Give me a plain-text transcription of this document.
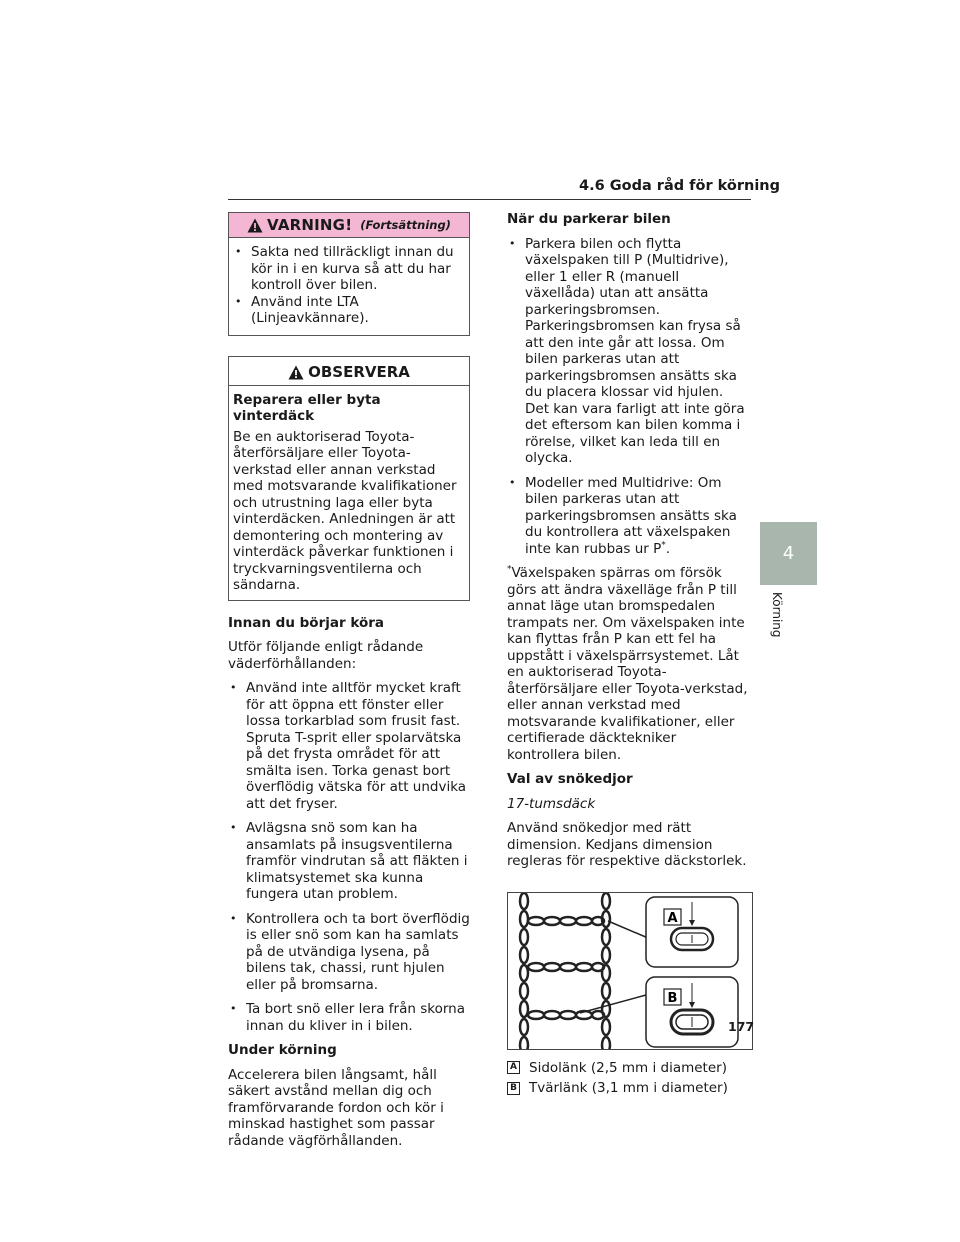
4.6 Goda råd för körning
VARNING! (Fortsättning)
• Sakta ned tillräckligt innan du kör in i en kurva så att du har kontroll över bilen.
• Använd inte LTA (Linjeavkännare).
OBSERVERA
Reparera eller byta vinterdäck

Be en auktoriserad Toyota-återförsäljare eller Toyota-verkstad eller annan verkstad med motsvarande kvalifikationer och utrustning laga eller byta vinterdäcken. Anledningen är att demontering och montering av vinterdäck påverkar funktionen i tryckvarningsventilerna och sändarna.

Innan du börjar köra

Utför följande enligt rådande väderförhållanden:

• Använd inte alltför mycket kraft för att öppna ett fönster eller lossa torkarblad som frusit fast. Spruta T-sprit eller spolarvätska på det frysta området för att smälta isen. Torka genast bort överflödig vätska för att undvika att det fryser.
• Avlägsna snö som kan ha ansamlats på insugsventilerna framför vindrutan så att fläkten i klimatsystemet ska kunna fungera utan problem.
• Kontrollera och ta bort överflödig is eller snö som kan ha samlats på de utvändiga lysena, på bilens tak, chassi, runt hjulen eller på bromsarna.
• Ta bort snö eller lera från skorna innan du kliver in i bilen.
Under körning

Accelerera bilen långsamt, håll säkert avstånd mellan dig och framförvarande fordon och kör i minskad hastighet som passar rådande vägförhållanden.

När du parkerar bilen
• Parkera bilen och flytta växelspaken till P (Multidrive), eller 1 eller R (manuell växellåda) utan att ansätta parkeringsbromsen. Parkeringsbromsen kan frysa så att den inte går att lossa. Om bilen parkeras utan att parkeringsbromsen ansätts ska du placera klossar vid hjulen. Det kan vara farligt att inte göra det eftersom kan bilen komma i rörelse, vilket kan leda till en olycka.
• Modeller med Multidrive: Om bilen parkeras utan att parkeringsbromsen ansätts ska du kontrollera att växelspaken inte kan rubbas ur P*.

*Växelspaken spärras om försök görs att ändra växelläge från P till annat läge utan bromspedalen trampats ner. Om växelspaken inte kan flyttas från P kan ett fel ha uppstått i växelspärrsystemet. Låt en auktoriserad Toyota-återförsäljare eller Toyota-verkstad, eller annan verkstad med motsvarande kvalifikationer, eller certifierade däcktekniker kontrollera bilen.

Val av snökedjor

17-tumsdäck

Använd snökedjor med rätt dimension. Kedjans dimension regleras för respektive däckstorlek.

A
B
A Sidolänk (2,5 mm i diameter)
B Tvärlänk (3,1 mm i diameter)
4
Körning
177
